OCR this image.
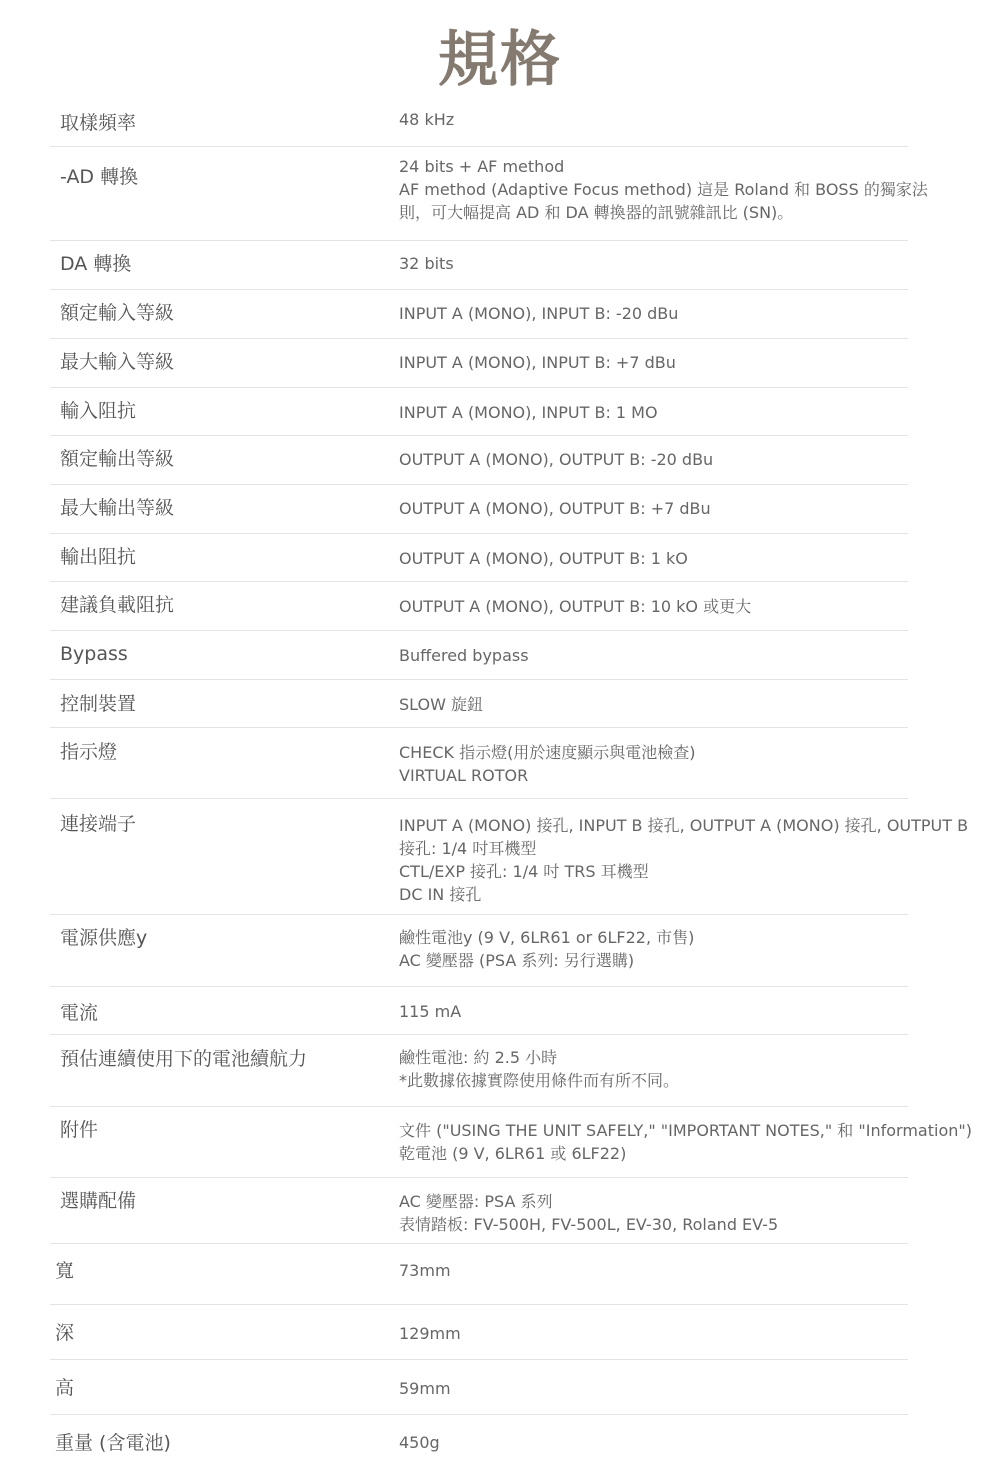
規格
取樣頻率	48 kHz
-AD 轉換	24 bits + AF method
AF method (Adaptive Focus method) 這是 Roland 和 BOSS 的獨家法則，可大幅提高 AD 和 DA 轉換器的訊號雜訊比 (SN)。
DA 轉換	32 bits
額定輸入等級	INPUT A (MONO), INPUT B: -20 dBu
最大輸入等級	INPUT A (MONO), INPUT B: +7 dBu
輸入阻抗	INPUT A (MONO), INPUT B: 1 MO
額定輸出等級	OUTPUT A (MONO), OUTPUT B: -20 dBu
最大輸出等級	OUTPUT A (MONO), OUTPUT B: +7 dBu
輸出阻抗	OUTPUT A (MONO), OUTPUT B: 1 kO
建議負載阻抗	OUTPUT A (MONO), OUTPUT B: 10 kO 或更大
Bypass	Buffered bypass
控制裝置	SLOW 旋鈕
指示燈	CHECK 指示燈(用於速度顯示與電池檢查)
VIRTUAL ROTOR
連接端子	INPUT A (MONO) 接孔, INPUT B 接孔, OUTPUT A (MONO) 接孔, OUTPUT B 接孔: 1/4 吋耳機型
CTL/EXP 接孔: 1/4 吋 TRS 耳機型
DC IN 接孔
電源供應y	鹼性電池y (9 V, 6LR61 or 6LF22, 市售)
AC 變壓器 (PSA 系列: 另行選購)
電流	115 mA
預估連續使用下的電池續航力	鹼性電池: 約 2.5 小時
*此數據依據實際使用條件而有所不同。
附件	文件 ("USING THE UNIT SAFELY," "IMPORTANT NOTES," 和 "Information")
乾電池 (9 V, 6LR61 或 6LF22)
選購配備	AC 變壓器: PSA 系列
表情踏板: FV-500H, FV-500L, EV-30, Roland EV-5
寬	73mm
深	129mm
高	59mm
重量 (含電池)	450g
